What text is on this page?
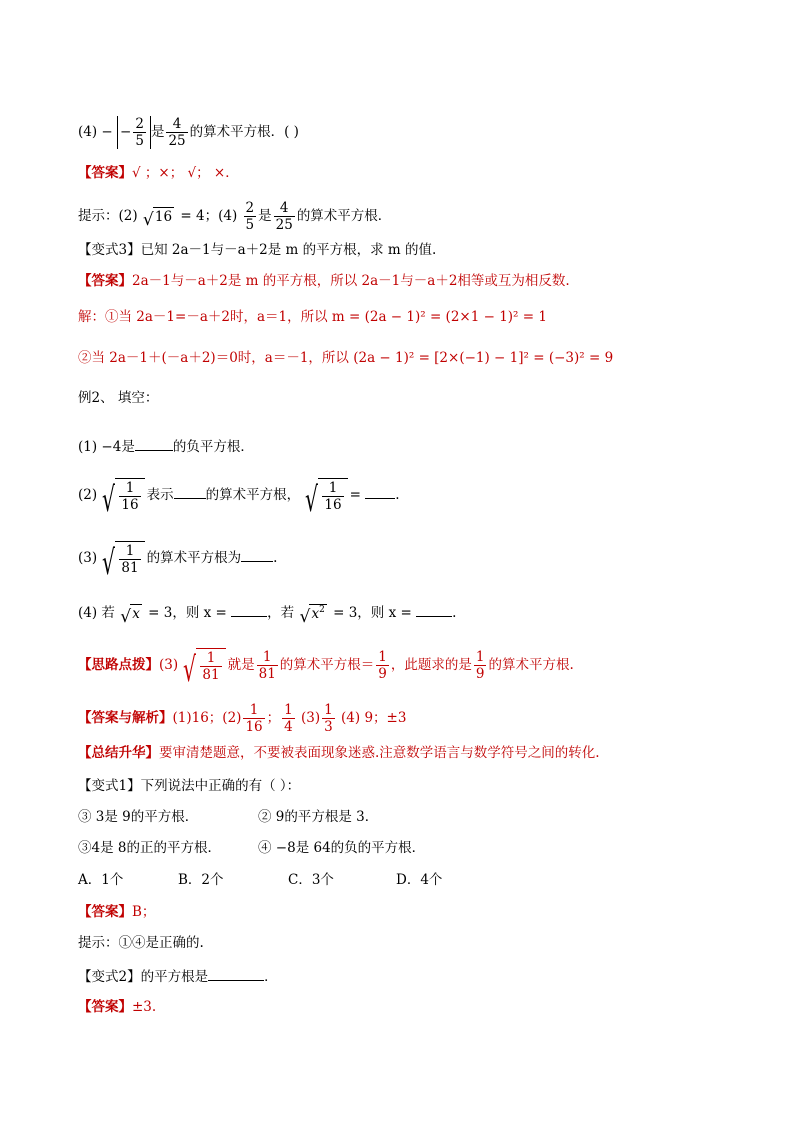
(4) − − $\frac{2}{5}$ 是 $\frac{4}{25}$ 的算术平方根．( )
【答案】√ ；×； √； ×．
提示：(2) √ 16 = 4；$(4) \frac{2}{5}$ 是 $\frac{4}{25}$ 的算术平方根．
【变式3】已知 2a－1与－a＋2是 m 的平方根，求 m 的值.
【答案】2a－1与－a＋2是 m 的平方根，所以 2a－1与－a＋2相等或互为相反数.
解：①当 2a－1=－a＋2时，a＝1，所以 m = (2a − 1)² = (2×1 − 1)² = 1
②当 2a－1＋(－a＋2)＝0时，a＝－1，所以 (2a − 1)² = [2×(−1) − 1]² = (−3)² = 9
例2、 填空：
(1) −4是	的负平方根．
(2) √ $\frac{1}{16}$ 表示 的算术平方根， √ $\frac{1}{16}$ =	.
(3) √ $\frac{1}{81}$ 的算术平方根为 .
(4) 若 √ x = 3，则 x =	，若 √ $x^2 = 3$，则 x =	.
【思路点拨】(3) √ $\frac{1}{81}$ 就是 $\frac{1}{81}$ 的算术平方根＝ $\frac{1}{9}$ ，此题求的是 $\frac{1}{9}$ 的算术平方根.
【答案与解析】(1)16；$(2) \frac{1}{16}$ ； $\frac{1}{4} (3) \frac{1}{3} (4)$ 9；±3
【总结升华】要审清楚题意，不要被表面现象迷惑.注意数学语言与数学符号之间的转化.
【变式1】下列说法中正确的有（ ）：
③ 3是 9的平方根．	② 9的平方根是 3．
③4是 8的正的平方根．	④ −8是 64的负的平方根．
A．1个	B．2个	C．3个	D．4个
【答案】B；
提示：①④是正确的.
【变式2】的平方根是	．
【答案】±3.
